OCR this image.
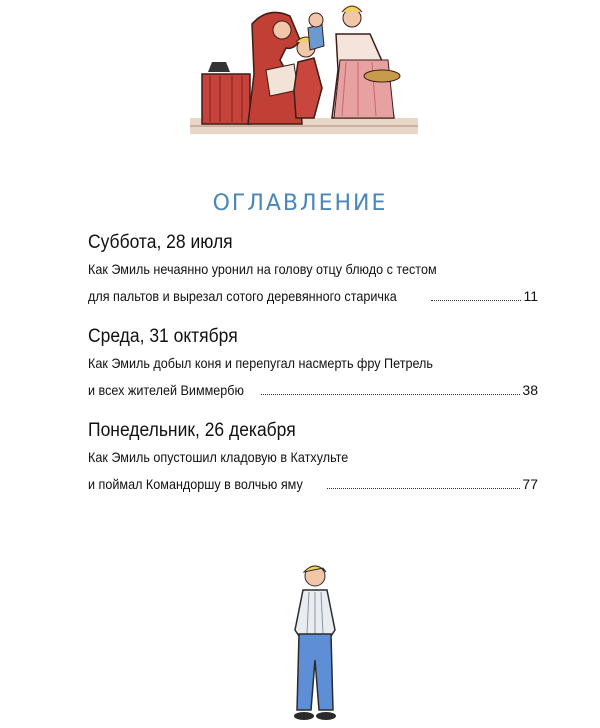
ОГЛАВЛЕНИЕ
Суббота, 28 июля
Как Эмиль нечаянно уронил на голову отцу блюдо с тестом
для пальтов и вырезал сотого деревянного старичка	11
Среда, 31 октября
Как Эмиль добыл коня и перепугал насмерть фру Петрель
и всех жителей Виммербю	38
Понедельник, 26 декабря
Как Эмиль опустошил кладовую в Катхульте
и поймал Командоршу в волчью яму	77
